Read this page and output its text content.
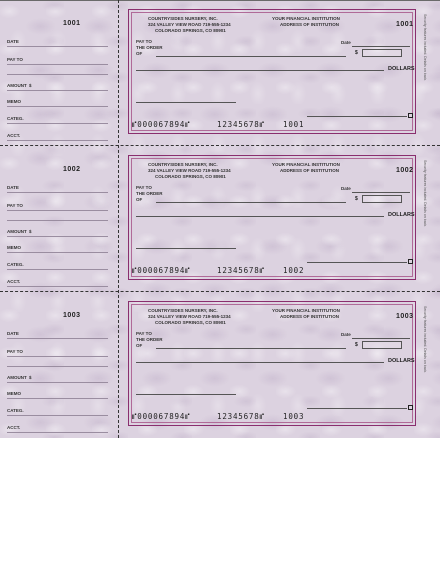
1001
DATE
PAY TO
AMOUNT $
MEMO
CATEG.
ACCT.
COUNTRYSIDES NURSERY, INC.
324 VALLEY VIEW ROAD 719-555-1234
COLORADO SPRINGS, CO 80901
YOUR FINANCIAL INSTITUTION
ADDRESS OF INSTITUTION	1001
Date
PAY TO
THE ORDER
OF	$
DOLLARS
⑈000067894⑈	12345678⑈ 1001
Security features included. Details on back.
1002
DATE
PAY TO
AMOUNT $
MEMO
CATEG.
ACCT.
COUNTRYSIDES NURSERY, INC.
324 VALLEY VIEW ROAD 719-555-1234
COLORADO SPRINGS, CO 80901
YOUR FINANCIAL INSTITUTION
ADDRESS OF INSTITUTION	1002
Date
PAY TO
THE ORDER
OF	$
DOLLARS
⑈000067894⑈	12345678⑈ 1002
Security features included. Details on back.
1003
DATE
PAY TO
AMOUNT $
MEMO
CATEG.
ACCT.
COUNTRYSIDES NURSERY, INC.
324 VALLEY VIEW ROAD 719-555-1234
COLORADO SPRINGS, CO 80901
YOUR FINANCIAL INSTITUTION
ADDRESS OF INSTITUTION	1003
Date
PAY TO
THE ORDER
OF	$
DOLLARS
⑈000067894⑈	12345678⑈ 1003
Security features included. Details on back.
